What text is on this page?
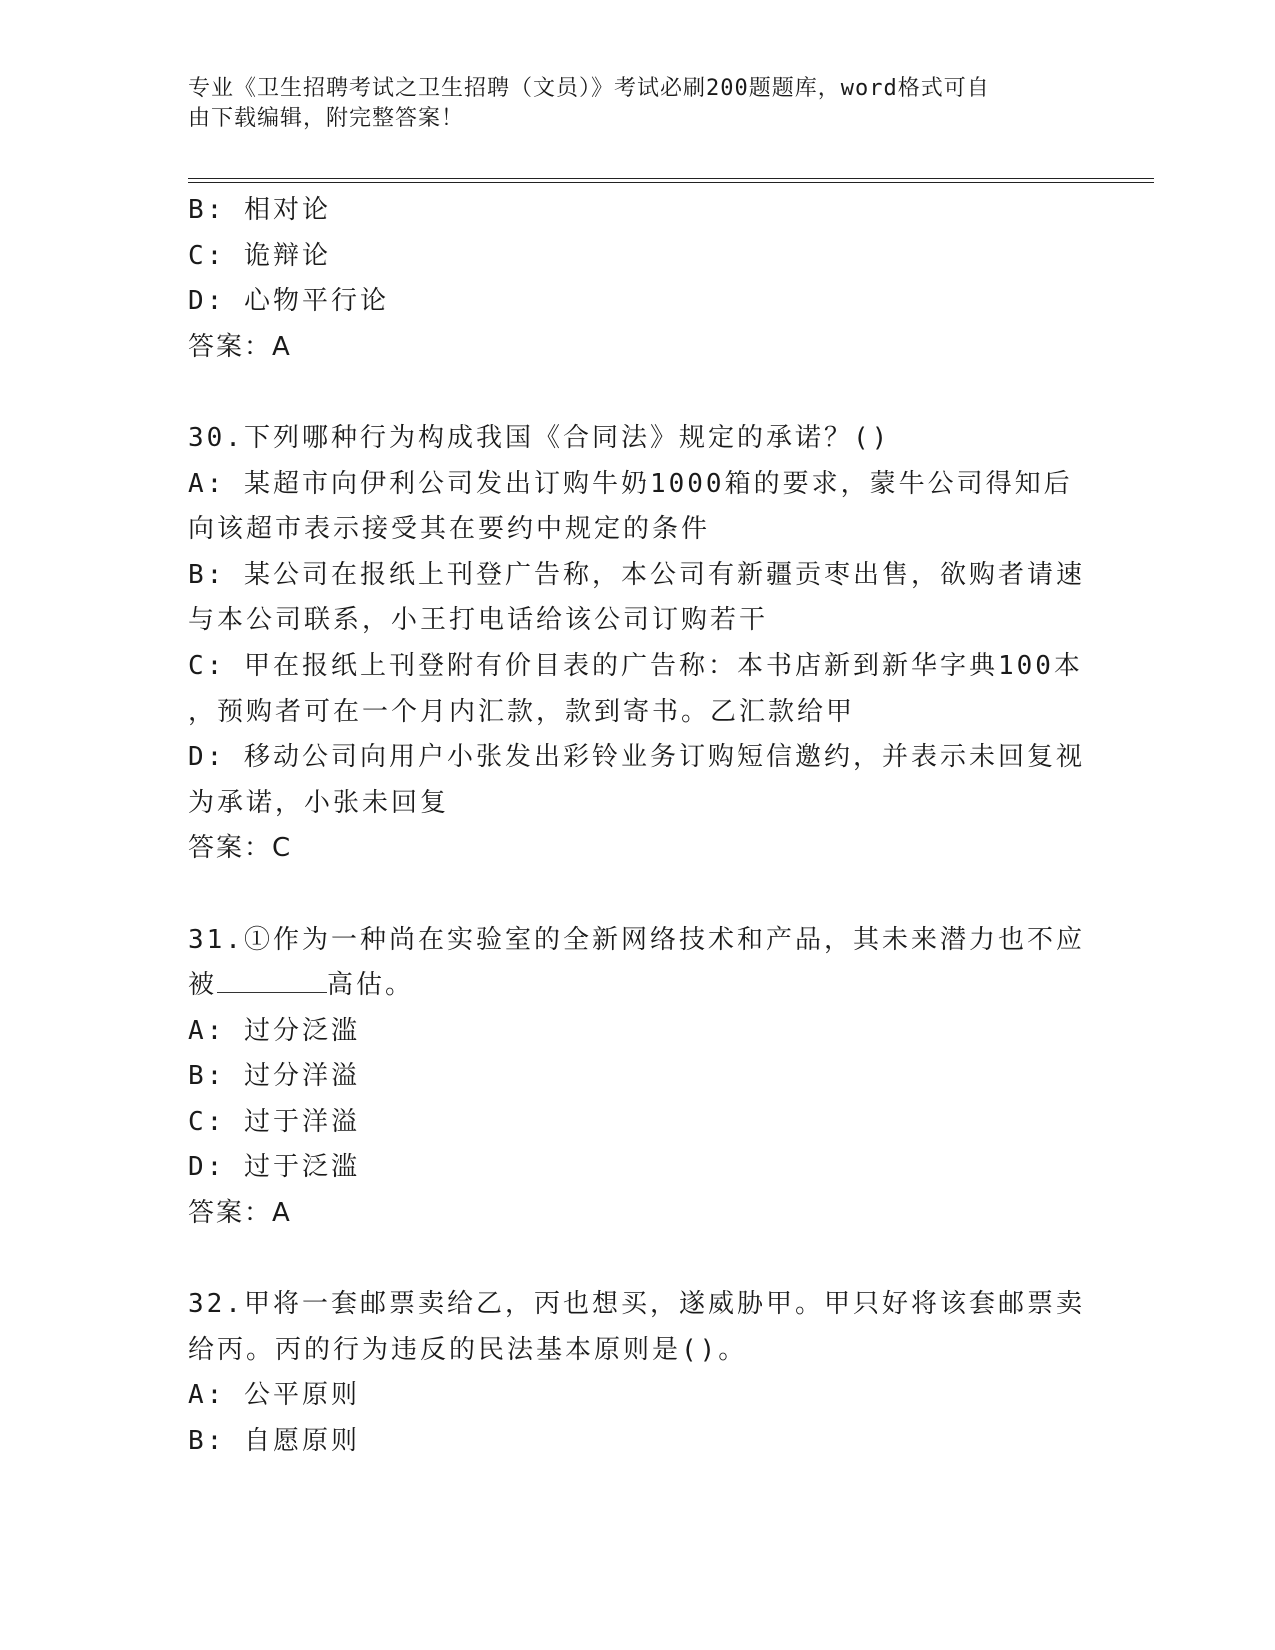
专业《卫生招聘考试之卫生招聘（文员）》考试必刷200题题库，word格式可自
由下载编辑，附完整答案！
B: 相对论
C: 诡辩论
D: 心物平行论
答案：A
30.下列哪种行为构成我国《合同法》规定的承诺？()
A: 某超市向伊利公司发出订购牛奶1000箱的要求，蒙牛公司得知后
向该超市表示接受其在要约中规定的条件
B: 某公司在报纸上刊登广告称，本公司有新疆贡枣出售，欲购者请速
与本公司联系，小王打电话给该公司订购若干
C: 甲在报纸上刊登附有价目表的广告称：本书店新到新华字典100本
，预购者可在一个月内汇款，款到寄书。乙汇款给甲
D: 移动公司向用户小张发出彩铃业务订购短信邀约，并表示未回复视
为承诺，小张未回复
答案：C
31.①作为一种尚在实验室的全新网络技术和产品，其未来潜力也不应
被	高估。
A: 过分泛滥
B: 过分洋溢
C: 过于洋溢
D: 过于泛滥
答案：A
32.甲将一套邮票卖给乙，丙也想买，遂威胁甲。甲只好将该套邮票卖
给丙。丙的行为违反的民法基本原则是()。
A: 公平原则
B: 自愿原则
